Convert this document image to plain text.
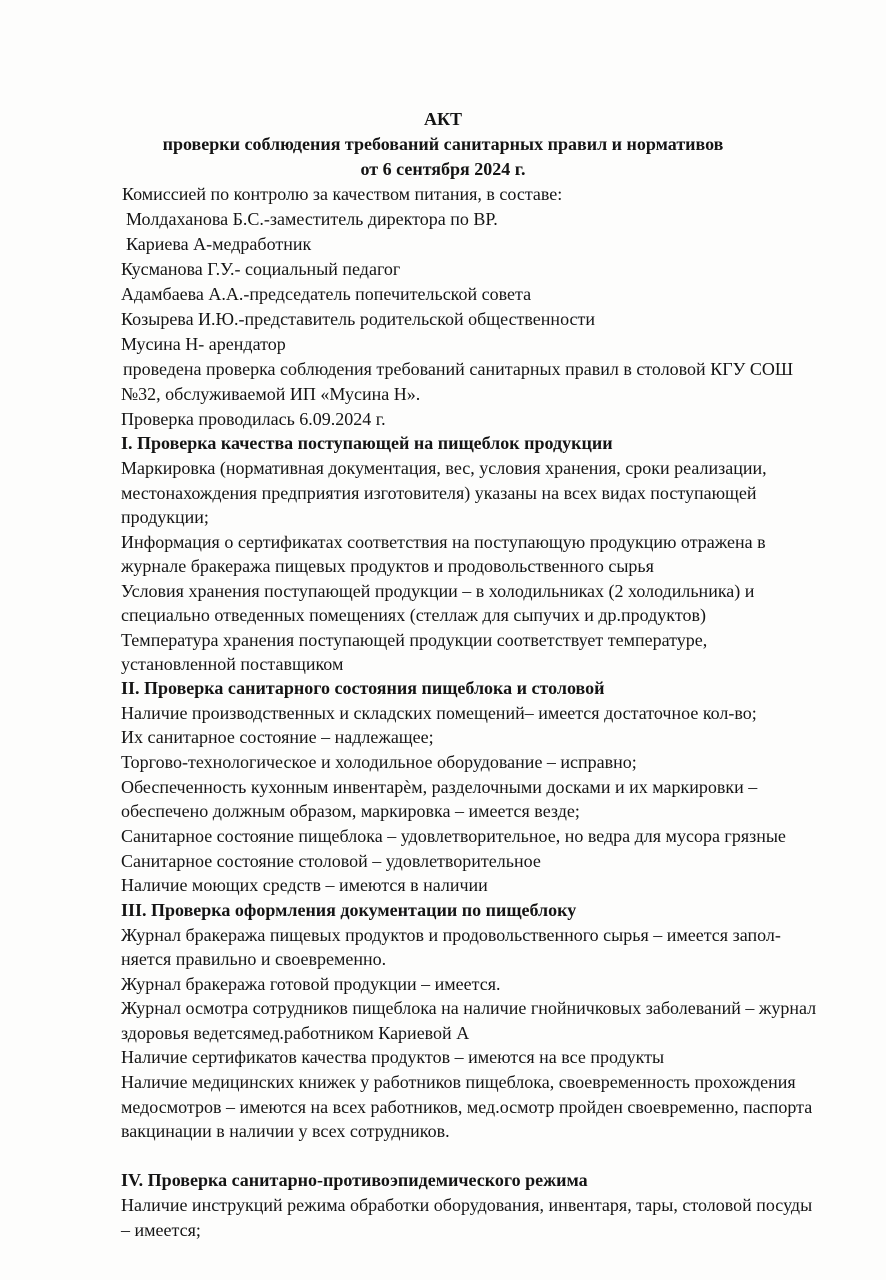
АКТ
проверки соблюдения требований санитарных правил и нормативов
от 6 сентября 2024 г.
Комиссией по контролю за качеством питания, в составе:
Молдаханова Б.С.-заместитель директора по ВР.
Кариева А-медработник
Кусманова Г.У.- социальный педагог
Адамбаева А.А.-председатель попечительской совета
Козырева И.Ю.-представитель родительской общественности
Мусина Н- арендатор
проведена проверка соблюдения требований санитарных правил в столовой КГУ СОШ
№32, обслуживаемой ИП «Мусина Н».
Проверка проводилась 6.09.2024 г.
I. Проверка качества поступающей на пищеблок продукции
Маркировка (нормативная документация, вес, условия хранения, сроки реализации,
местонахождения предприятия изготовителя) указаны на всех видах поступающей
продукции;
Информация о сертификатах соответствия на поступающую продукцию отражена в
журнале бракеража пищевых продуктов и продовольственного сырья
Условия хранения поступающей продукции – в холодильниках (2 холодильника) и
специально отведенных помещениях (стеллаж для сыпучих и др.продуктов)
Температура хранения поступающей продукции соответствует температуре,
установленной поставщиком
II. Проверка санитарного состояния пищеблока и столовой
Наличие производственных и складских помещений– имеется достаточное кол-во;
Их санитарное состояние – надлежащее;
Торгово-технологическое и холодильное оборудование – исправно;
Обеспеченность кухонным инвентарѐм, разделочными досками и их маркировки –
обеспечено должным образом, маркировка – имеется везде;
Санитарное состояние пищеблока – удовлетворительное, но ведра для мусора грязные
Санитарное состояние столовой – удовлетворительное
Наличие моющих средств – имеются в наличии
III. Проверка оформления документации по пищеблоку
Журнал бракеража пищевых продуктов и продовольственного сырья – имеется запол-
няется правильно и своевременно.
Журнал бракеража готовой продукции – имеется.
Журнал осмотра сотрудников пищеблока на наличие гнойничковых заболеваний – журнал
здоровья ведетсямед.работником Кариевой А
Наличие сертификатов качества продуктов – имеются на все продукты
Наличие медицинских книжек у работников пищеблока, своевременность прохождения
медосмотров – имеются на всех работников, мед.осмотр пройден своевременно, паспорта
вакцинации в наличии у всех сотрудников.
IV. Проверка санитарно-противоэпидемического режима
Наличие инструкций режима обработки оборудования, инвентаря, тары, столовой посуды
– имеется;
